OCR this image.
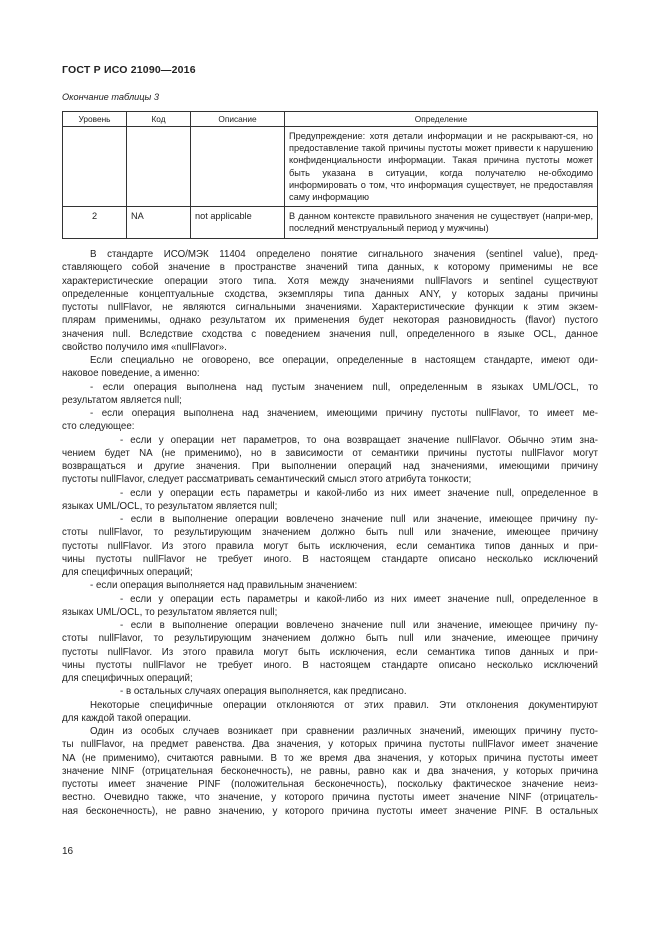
ГОСТ Р ИСО 21090—2016
Окончание таблицы 3
Уровень	Код	Описание	Определение
			Предупреждение: хотя детали информации и не раскрывают-ся, но предоставление такой причины пустоты может привести к нарушению конфиденциальности информации. Такая причина пустоты может быть указана в ситуации, когда получателю не-обходимо информировать о том, что информация существует, не предоставляя саму информацию
2	NA	not applicable	В данном контексте правильного значения не существует (напри-мер, последний менструальный период у мужчины)

В стандарте ИСО/МЭК 11404 определено понятие сигнального значения (sentinel value), пред-

ставляющего собой значение в пространстве значений типа данных, к которому применимы не все

характеристические операции этого типа. Хотя между значениями nullFlavors и sentinel существуют

определенные концептуальные сходства, экземпляры типа данных ANY, у которых заданы причины

пустоты nullFlavor, не являются сигнальными значениями. Характеристические функции к этим экзем-

плярам применимы, однако результатом их применения будет некоторая разновидность (flavor) пустого

значения null. Вследствие сходства с поведением значения null, определенного в языке OCL, данное

свойство получило имя «nullFlavor».

Если специально не оговорено, все операции, определенные в настоящем стандарте, имеют оди-

наковое поведение, а именно:

- если операция выполнена над пустым значением null, определенным в языках UML/OCL, то

результатом является null;

- если операция выполнена над значением, имеющими причину пустоты nullFlavor, то имеет ме-

сто следующее:

- если у операции нет параметров, то она возвращает значение nullFlavor. Обычно этим зна-

чением будет NA (не применимо), но в зависимости от семантики причины пустоты nullFlavor могут

возвращаться и другие значения. При выполнении операций над значениями, имеющими причину

пустоты nullFlavor, следует рассматривать семантический смысл этого атрибута тонкости;

- если у операции есть параметры и какой-либо из них имеет значение null, определенное в

языках UML/OCL, то результатом является null;

- если в выполнение операции вовлечено значение null или значение, имеющее причину пу-

стоты nullFlavor, то результирующим значением должно быть null или значение, имеющее причину

пустоты nullFlavor. Из этого правила могут быть исключения, если семантика типов данных и при-

чины пустоты nullFlavor не требует иного. В настоящем стандарте описано несколько исключений

для специфичных операций;

- если операция выполняется над правильным значением:

- если у операции есть параметры и какой-либо из них имеет значение null, определенное в

языках UML/OCL, то результатом является null;

- если в выполнение операции вовлечено значение null или значение, имеющее причину пу-

стоты nullFlavor, то результирующим значением должно быть null или значение, имеющее причину

пустоты nullFlavor. Из этого правила могут быть исключения, если семантика типов данных и при-

чины пустоты nullFlavor не требует иного. В настоящем стандарте описано несколько исключений

для специфичных операций;

- в остальных случаях операция выполняется, как предписано.

Некоторые специфичные операции отклоняются от этих правил. Эти отклонения документируют

для каждой такой операции.

Один из особых случаев возникает при сравнении различных значений, имеющих причину пусто-

ты nullFlavor, на предмет равенства. Два значения, у которых причина пустоты nullFlavor имеет значение

NA (не применимо), считаются равными. В то же время два значения, у которых причина пустоты имеет

значение NINF (отрицательная бесконечность), не равны, равно как и два значения, у которых причина

пустоты имеет значение PINF (положительная бесконечность), поскольку фактическое значение неиз-

вестно. Очевидно также, что значение, у которого причина пустоты имеет значение NINF (отрицатель-

ная бесконечность), не равно значению, у которого причина пустоты имеет значение PINF. В остальных

16
